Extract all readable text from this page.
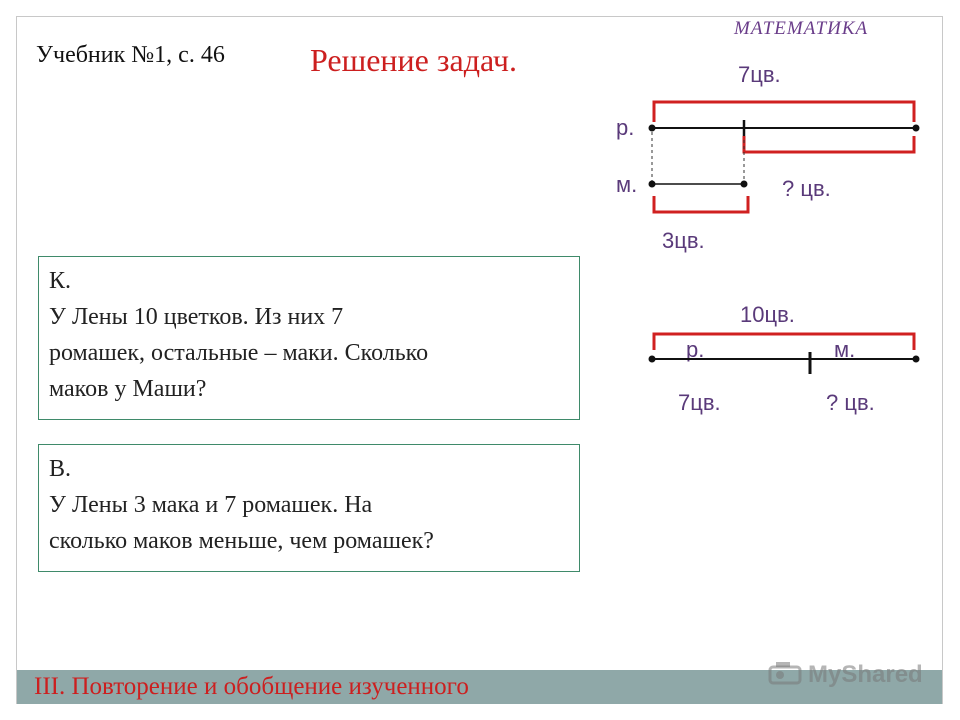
МАТЕМАТИКА
Учебник №1, с. 46	Решение задач.
К.
У Лены 10 цветков. Из них 7
ромашек, остальные – маки. Сколько
маков у Маши?
В.
У Лены 3 мака и 7 ромашек. На
сколько маков меньше, чем ромашек?
7цв.
р.
м.	? цв.
3цв.
10цв.
р.	м.
7цв.	? цв.
III. Повторение и обобщение изученного	MyShared
